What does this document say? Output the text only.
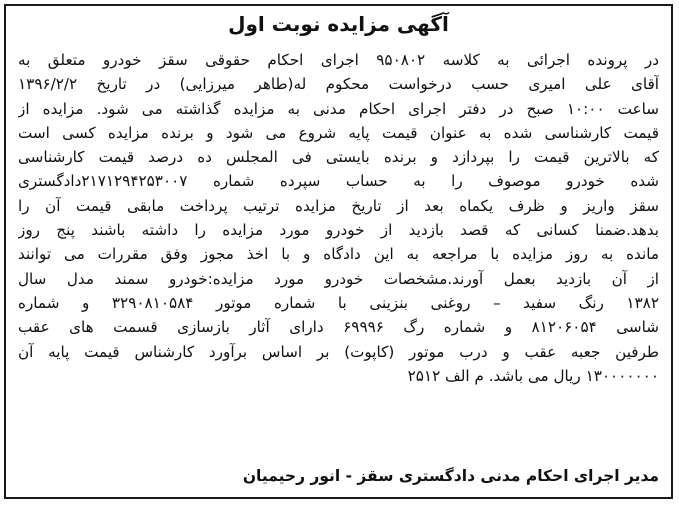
آگهی مزایده نوبت اول
در پرونده اجرائی به کلاسه ۹۵۰۸۰۲ اجرای احکام حقوقی سقز خودرو متعلق به
آقای علی امیری حسب درخواست محکوم له(طاهر میرزایی) در تاریخ ۱۳۹۶/۲/۲
ساعت ۱۰:۰۰ صبح در دفتر اجرای احکام مدنی به مزایده گذاشته می شود. مزایده از
قیمت کارشناسی شده به عنوان قیمت پایه شروع می شود و برنده مزایده کسی است
که بالاترین قیمت را بپردازد و برنده بایستی فی المجلس ده درصد قیمت کارشناسی
شده خودرو موصوف را به حساب سپرده شماره ۲۱۷۱۲۹۴۲۵۳۰۰۷دادگستری
سقز واریز و ظرف یکماه بعد از تاریخ مزایده ترتیب پرداخت مابقی قیمت آن را
بدهد.ضمنا کسانی که قصد بازدید از خودرو مورد مزایده را داشته باشند پنج روز
مانده به روز مزایده با مراجعه به این دادگاه و با اخذ مجوز وفق مقررات می توانند
از آن بازدید بعمل آورند.مشخصات خودرو مورد مزایده:خودرو سمند مدل سال
۱۳۸۲ رنگ سفید – روغنی بنزینی با شماره موتور ۳۲۹۰۸۱۰۵۸۴ و شماره
شاسی ۸۱۲۰۶۰۵۴ و شماره رگ ۶۹۹۹۶ دارای آثار بازسازی قسمت های عقب
طرفین جعبه عقب و درب موتور (کاپوت) بر اساس برآورد کارشناس قیمت پایه آن
۱۳۰۰۰۰۰۰۰ ریال می باشد. م الف ۲۵۱۲
مدیر اجرای احکام مدنی دادگستری سقز - انور رحیمیان
